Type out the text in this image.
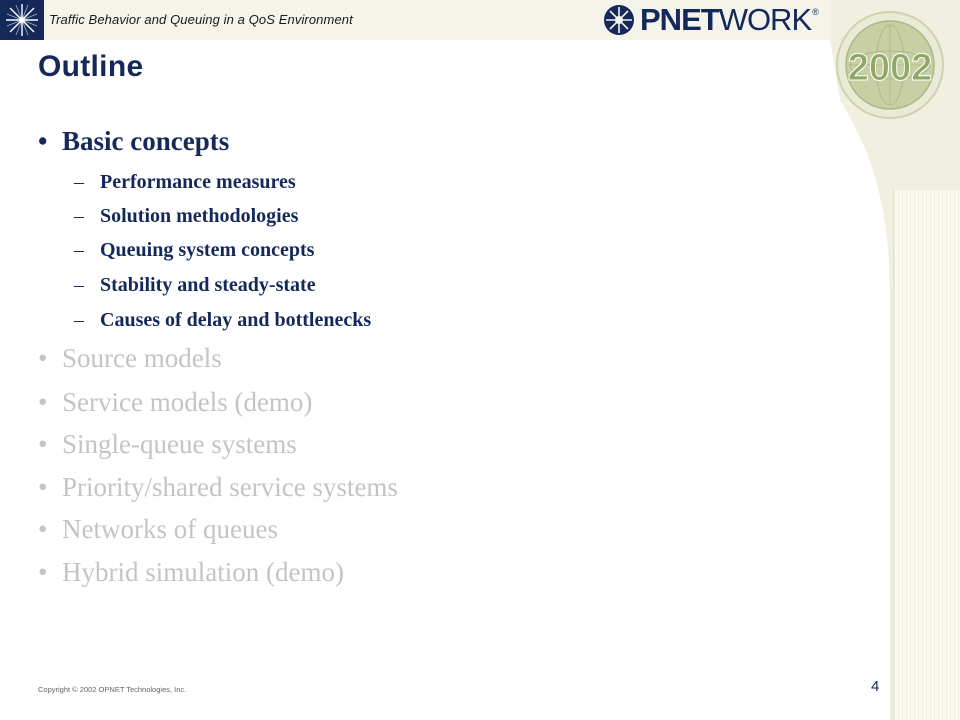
Traffic Behavior and Queuing in a QoS Environment	PNETWORK ®
2002
Outline
• Basic concepts
– Performance measures
– Solution methodologies
– Queuing system concepts
– Stability and steady-state
– Causes of delay and bottlenecks
• Source models
• Service models (demo)
• Single-queue systems
• Priority/shared service systems
• Networks of queues
• Hybrid simulation (demo)
Copyright © 2002 OPNET Technologies, Inc.	4
